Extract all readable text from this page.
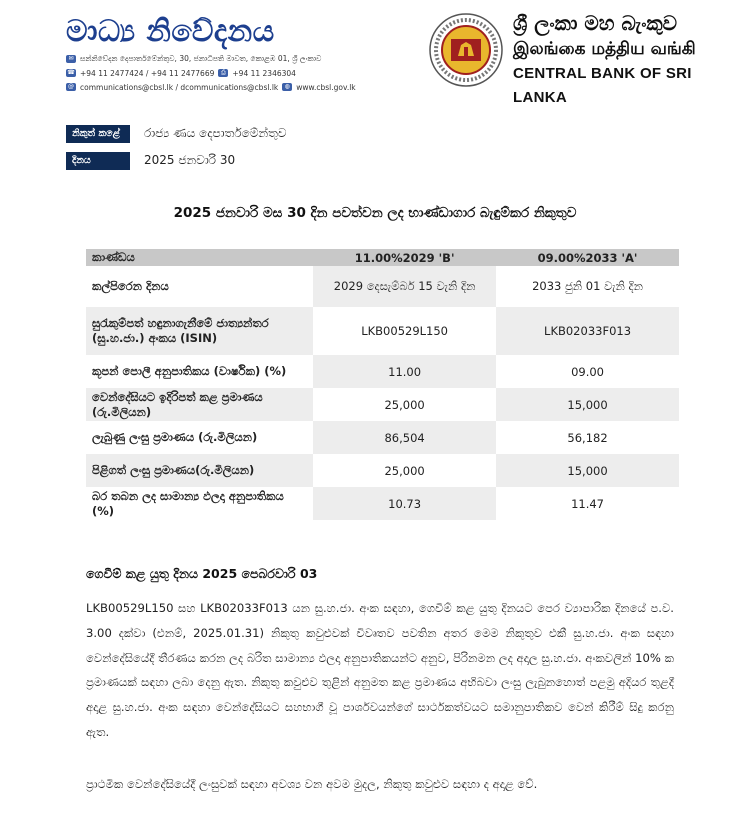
මාධ්‍ය නිවේදනය
✉ සන්නිවේදන දෙපාර්තමේන්තුව, 30, ජනාධිපති මාවත, කොළඹ 01, ශ්‍රී ලංකාව
☎ +94 11 2477424 / +94 11 2477669	⎙ +94 11 2346304
@ communications@cbsl.lk / dcommunications@cbsl.lk	◍ www.cbsl.gov.lk
ශ්‍රී ලංකා මහ බැංකුව
இலங்கை மத்திய வங்கி
CENTRAL BANK OF SRI LANKA
නිකුත් කළේ	රාජ්‍ය ණය දෙපාර්තමේන්තුව
දිනය	2025 ජනවාරි 30
2025 ජනවාරි මස 30 දින පවත්වන ලද භාණ්ඩාගාර බැඳුම්කර නිකුතුව
කාණ්ඩය	11.00%2029 'B'	09.00%2033 'A'
කල්පිරෙන දිනය	2029 දෙසැම්බර් 15 වැනි දින	2033 ජුනි 01 වැනි දින
සුරැකුම්පත් හඳුනාගැනීමේ ජාත්‍යන්තර (සු.හ.ජා.) අංකය (ISIN)	LKB00529L150	LKB02033F013
කූපන් පොලී අනුපාතිකය (වාර්ෂික) (%)	11.00	09.00
වෙන්දේසියට ඉදිරිපත් කළ ප්‍රමාණය (රු.මිලියන)	25,000	15,000
ලැබුණු ලංසු ප්‍රමාණය (රු.මිලියන)	86,504	56,182
පිළිගත් ලංසු ප්‍රමාණය(රු.මිලියන)	25,000	15,000
බර තබන ලද සාමාන්‍ය ඵලදා අනුපාතිකය (%)	10.73	11.47
ගෙවීම් කළ යුතු දිනය 2025 පෙබරවාරි 03
LKB00529L150 සහ LKB02033F013 යන සු.හ.ජා. අංක සඳහා, ගෙවීම් කළ යුතු දිනයට පෙර ව්‍යාපාරික දිනයේ ප.ව. 3.00 දක්වා (එනම්, 2025.01.31) නිකුතු කවුළුවක් විවෘතව පවතින අතර මෙම නිකුතුව එකී සු.හ.ජා. අංක සඳහා වෙන්දේසියේදී තීරණය කරන ලද බරිත සාමාන්‍ය ඵලදා අනුපාතිකයන්ට අනුව, පිරිනමන ලද අදාල සු.හ.ජා. අංකවලින් 10% ක ප්‍රමාණයක් සඳහා ලබා දෙනු ඇත. නිකුතු කවුළුව තුළින් අනුමත කළ ප්‍රමාණය අභිබවා ලංසු ලැබුනහොත් පළමු අදියර තුළදී අදාළ සු.හ.ජා. අංක සඳහා වෙන්දේසියට සහභාගී වූ පාර්ශවයන්ගේ සාර්ථකත්වයට සමානුපාතිකව වෙන් කිරීම් සිදු කරනු ඇත.
ප්‍රාථමික වෙන්දේසියේදී ලංසුවක් සඳහා අවශ්‍ය වන අවම මුදල, නිකුතු කවුළුව සඳහා ද අදාළ වේ.
